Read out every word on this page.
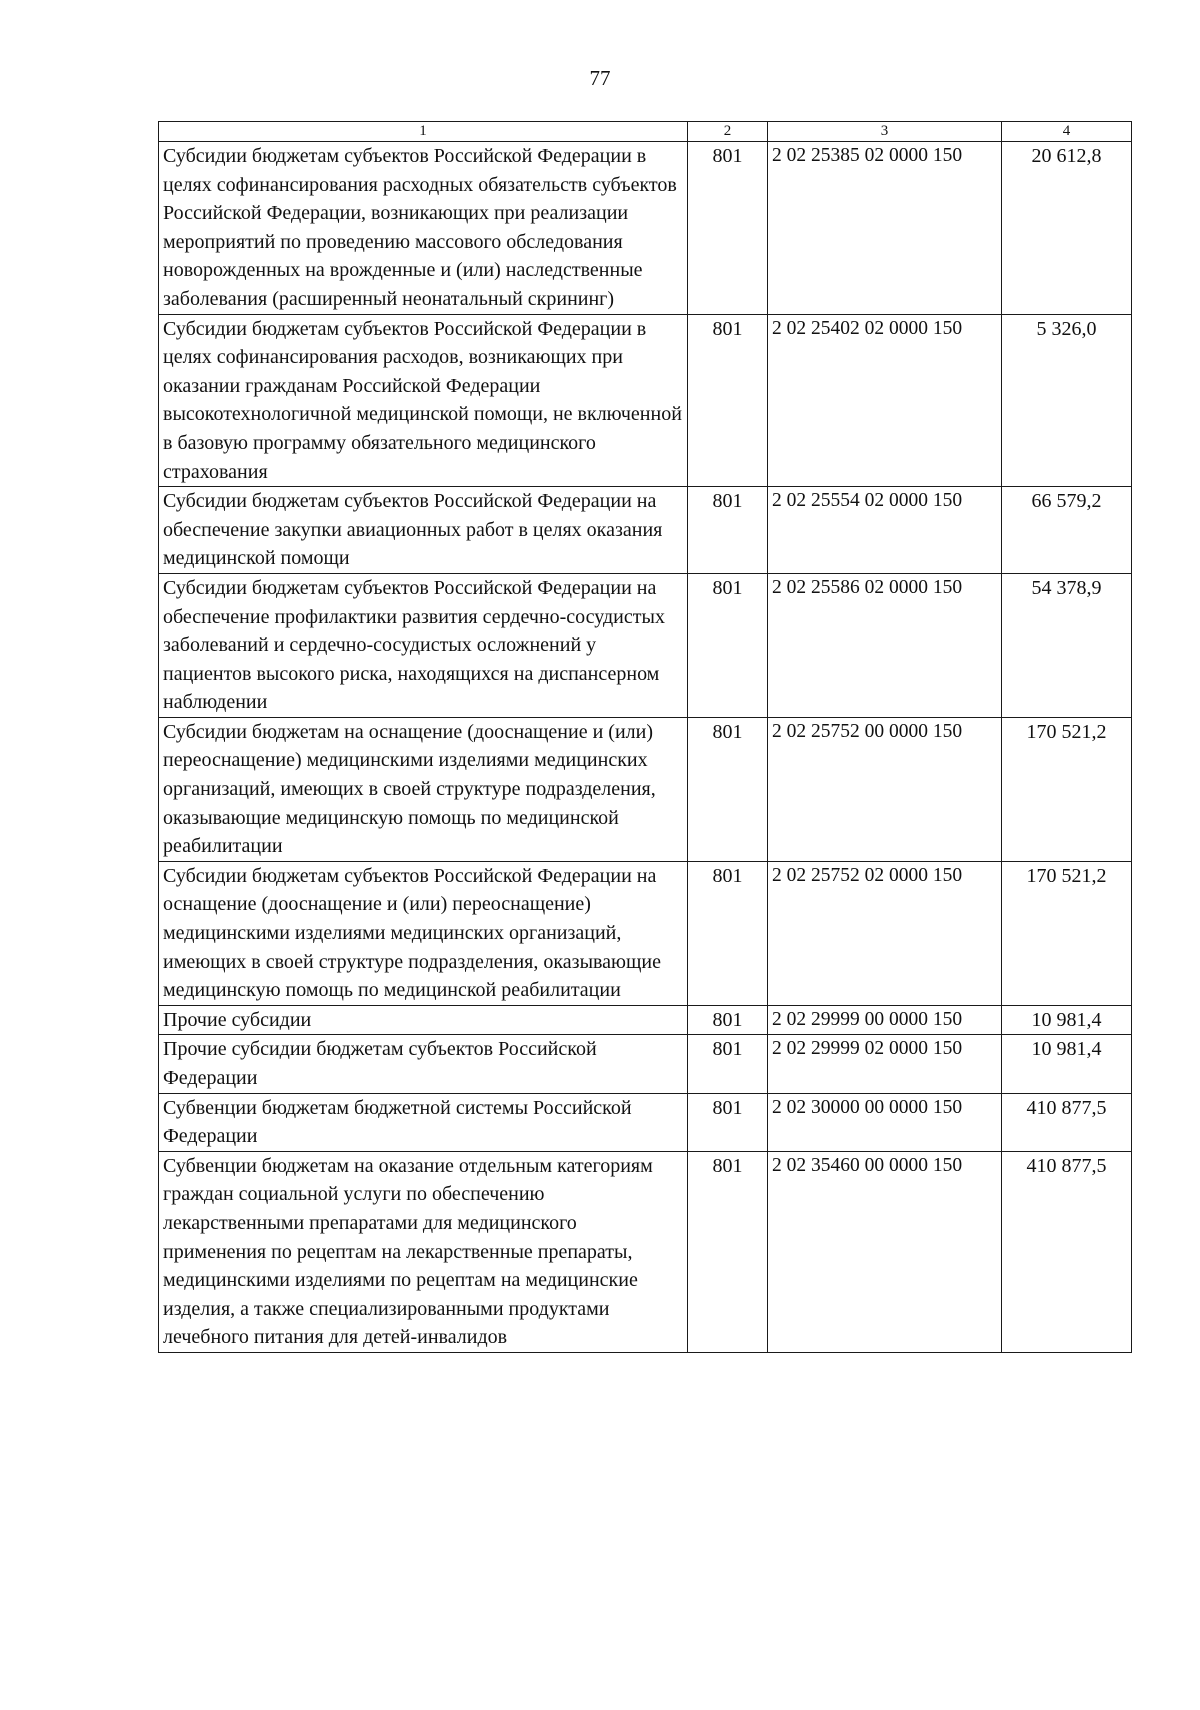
77
1	2	3	4
Субсидии бюджетам субъектов Российской Федерации в целях софинансирования расходных обязательств субъектов Российской Федерации, возникающих при реализации мероприятий по проведению массового обследования новорожденных на врожденные и (или) наследственные заболевания (расширенный неонатальный скрининг)	801	2 02 25385 02 0000 150	20 612,8
Субсидии бюджетам субъектов Российской Федерации в целях софинансирования расходов, возникающих при оказании гражданам Российской Федерации высокотехнологичной медицинской помощи, не включенной в базовую программу обязательного медицинского страхования	801	2 02 25402 02 0000 150	5 326,0
Субсидии бюджетам субъектов Российской Федерации на обеспечение закупки авиационных работ в целях оказания медицинской помощи	801	2 02 25554 02 0000 150	66 579,2
Субсидии бюджетам субъектов Российской Федерации на обеспечение профилактики развития сердечно-сосудистых заболеваний и сердечно-сосудистых осложнений у пациентов высокого риска, находящихся на диспансерном наблюдении	801	2 02 25586 02 0000 150	54 378,9
Субсидии бюджетам на оснащение (дооснащение и (или) переоснащение) медицинскими изделиями медицинских организаций, имеющих в своей структуре подразделения, оказывающие медицинскую помощь по медицинской реабилитации	801	2 02 25752 00 0000 150	170 521,2
Субсидии бюджетам субъектов Российской Федерации на оснащение (дооснащение и (или) переоснащение) медицинскими изделиями медицинских организаций, имеющих в своей структуре подразделения, оказывающие медицинскую помощь по медицинской реабилитации	801	2 02 25752 02 0000 150	170 521,2
Прочие субсидии	801	2 02 29999 00 0000 150	10 981,4
Прочие субсидии бюджетам субъектов Российской Федерации	801	2 02 29999 02 0000 150	10 981,4
Субвенции бюджетам бюджетной системы Российской Федерации	801	2 02 30000 00 0000 150	410 877,5
Субвенции бюджетам на оказание отдельным категориям граждан социальной услуги по обеспечению лекарственными препаратами для медицинского применения по рецептам на лекарственные препараты, медицинскими изделиями по рецептам на медицинские изделия, а также специализированными продуктами лечебного питания для детей-инвалидов	801	2 02 35460 00 0000 150	410 877,5
